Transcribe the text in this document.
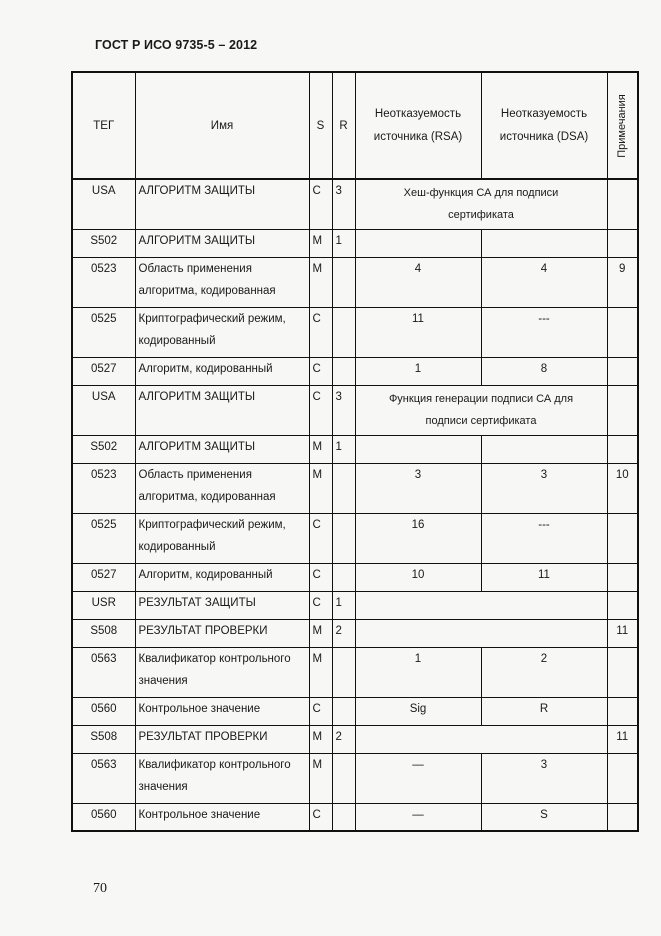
ГОСТ Р ИСО 9735-5 – 2012
ТЕГ	Имя	S	R	Неотказуемость источника (RSA)	Неотказуемость источника (DSA)	Примечания

USA	АЛГОРИТМ ЗАЩИТЫ	C	3	Хеш-функция СА для подписи сертификата		
S502	АЛГОРИТМ ЗАЩИТЫ	M	1			
0523	Область применения алгоритма, кодированная	M		4	4	9
0525	Криптографический режим, кодированный	C		11	---	
0527	Алгоритм, кодированный	C		1	8	
USA	АЛГОРИТМ ЗАЩИТЫ	C	3	Функция генерации подписи СА для подписи сертификата		
S502	АЛГОРИТМ ЗАЩИТЫ	M	1			
0523	Область применения алгоритма, кодированная	M		3	3	10
0525	Криптографический режим, кодированный	C		16	---	
0527	Алгоритм, кодированный	C		10	11	
USR	РЕЗУЛЬТАТ ЗАЩИТЫ	C	1			
S508	РЕЗУЛЬТАТ ПРОВЕРКИ	M	2			11
0563	Квалификатор контрольного значения	M		1	2	
0560	Контрольное значение	C		Sig	R	
S508	РЕЗУЛЬТАТ ПРОВЕРКИ	M	2			11
0563	Квалификатор контрольного значения	M		—	3	
0560	Контрольное значение	C		—	S	
70
